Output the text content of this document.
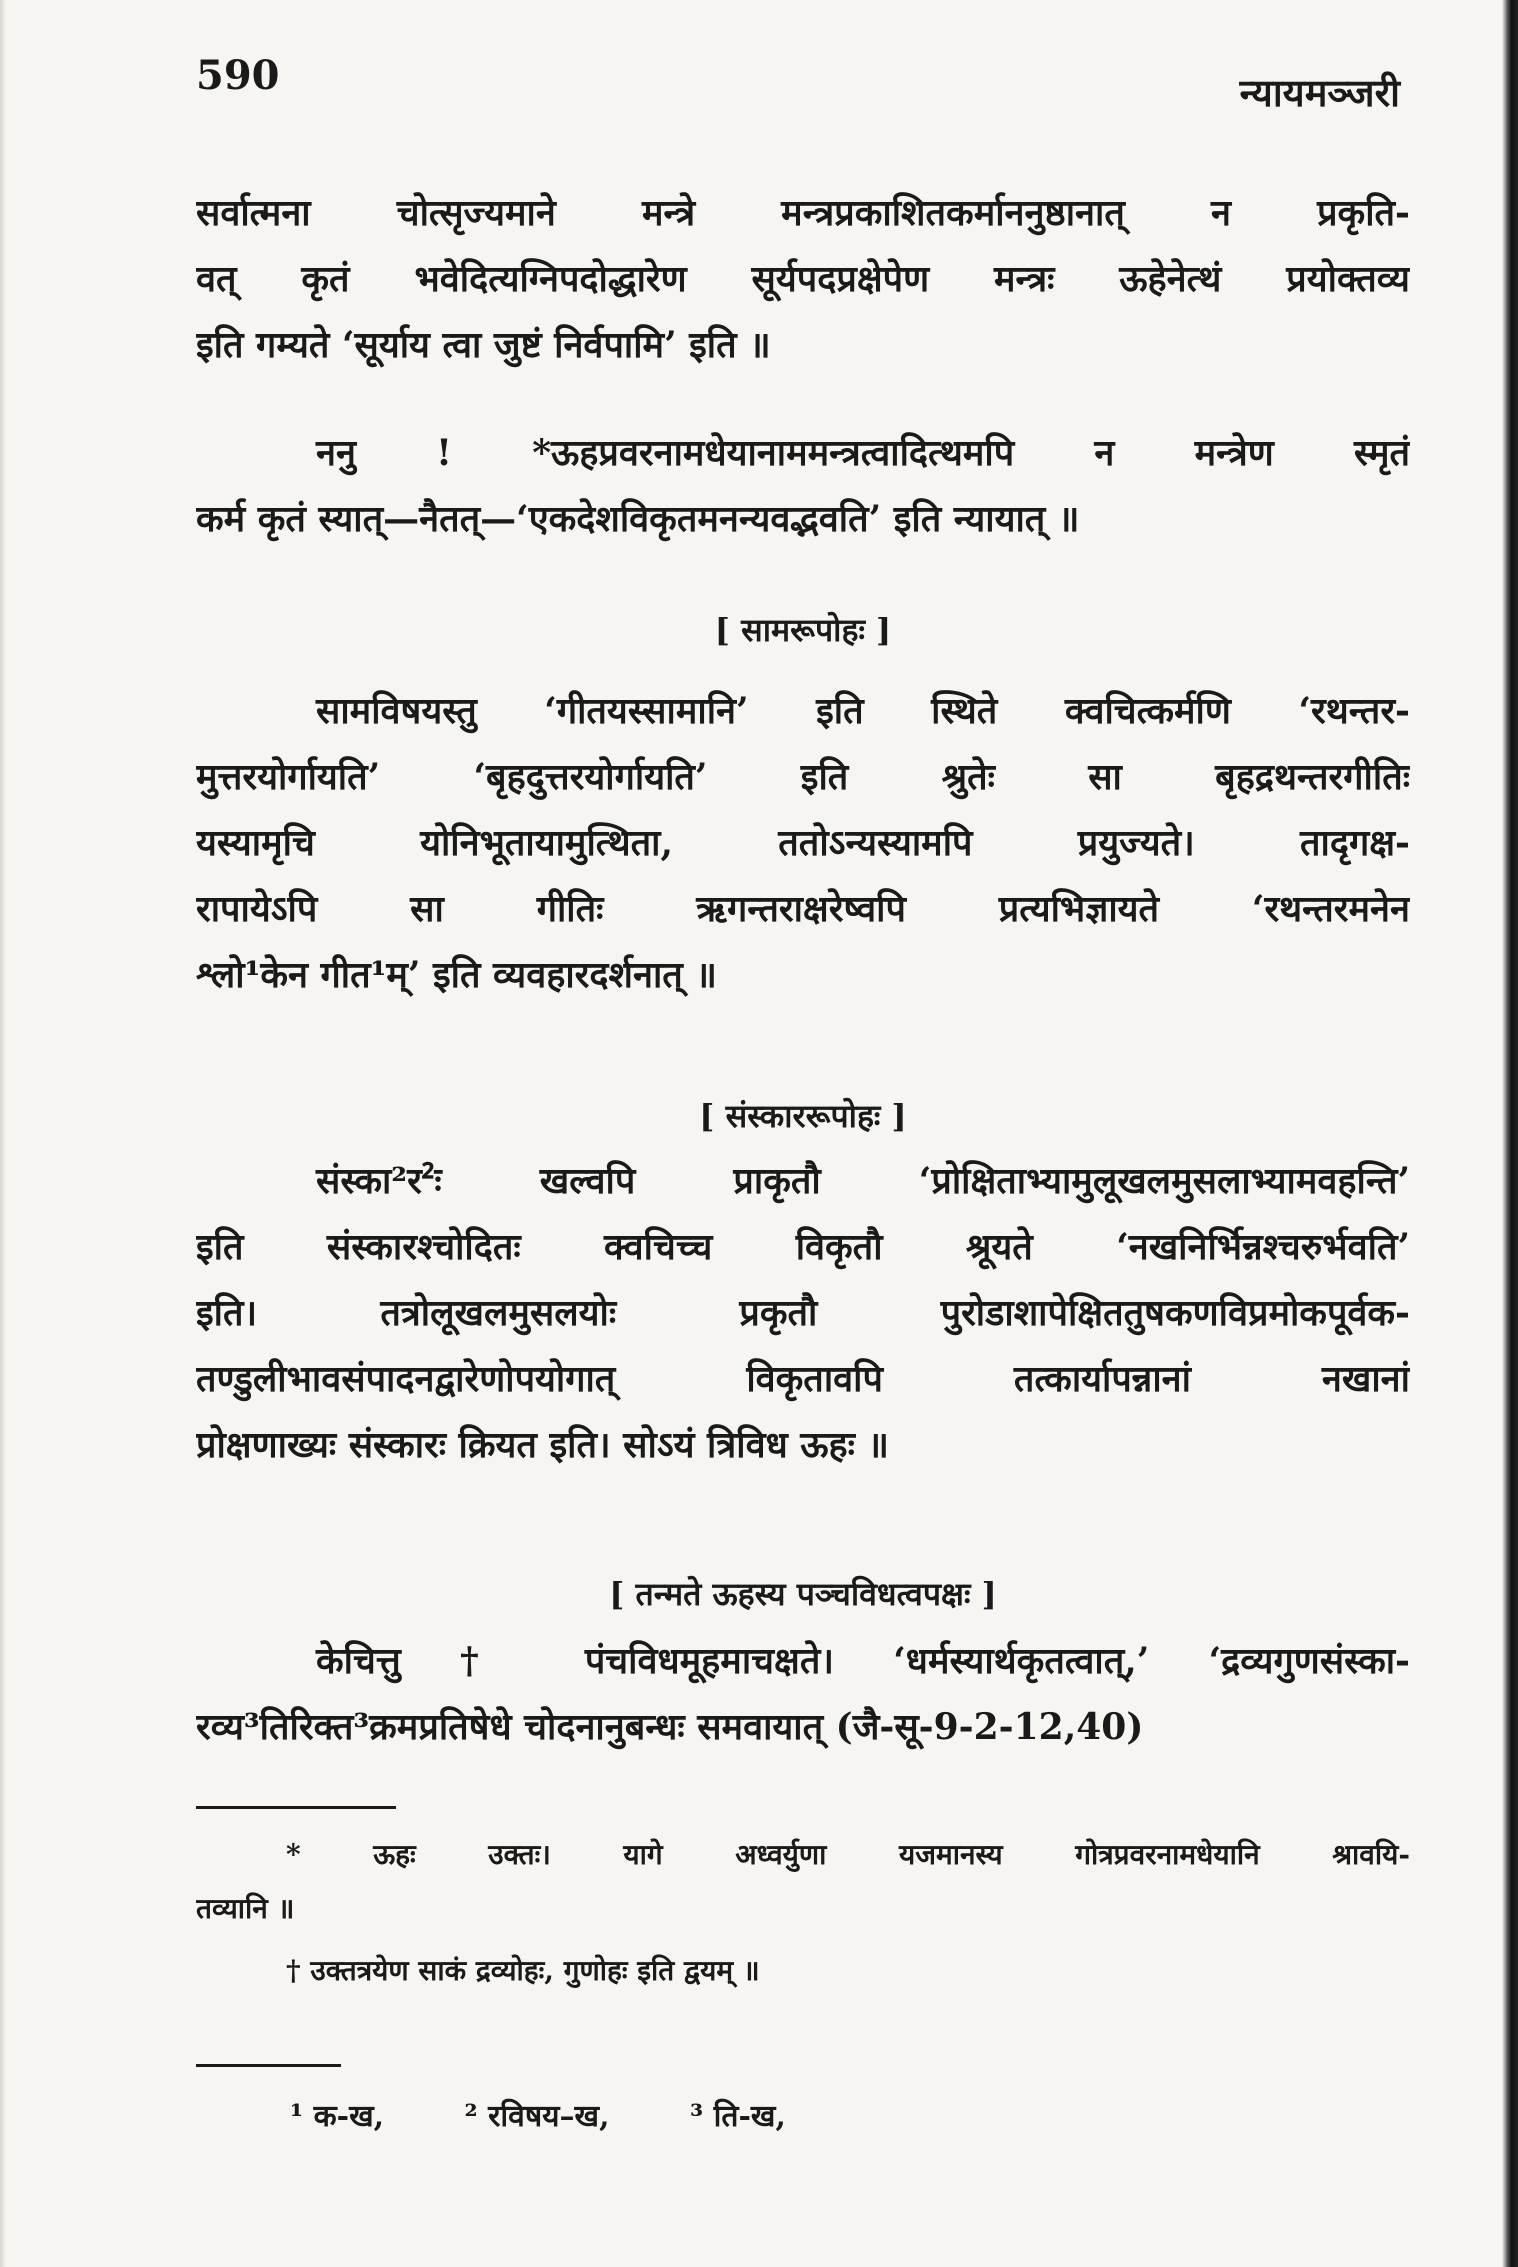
590	न्यायमञ्जरी
सर्वात्मना चोत्सृज्यमाने मन्त्रे मन्त्रप्रकाशितकर्माननुष्ठानात् न प्रकृति-
वत् कृतं भवेदित्यग्निपदोद्धारेण सूर्यपदप्रक्षेपेण मन्त्रः ऊहेनेत्थं प्रयोक्तव्य
इति गम्यते ‘सूर्याय त्वा जुष्टं निर्वपामि’ इति ॥
ननु ! *ऊहप्रवरनामधेयानाममन्त्रत्वादित्थमपि न मन्त्रेण स्मृतं
कर्म कृतं स्यात्—नैतत्—‘एकदेशविकृतमनन्यवद्भवति’ इति न्यायात् ॥
[ सामरूपोहः ]
सामविषयस्तु ‘गीतयस्सामानि’ इति स्थिते क्वचित्कर्मणि ‘रथन्तर-
मुत्तरयोर्गायति’ ‘बृहदुत्तरयोर्गायति’ इति श्रुतेः सा बृहद्रथन्तरगीतिः
यस्यामृचि योनिभूतायामुत्थिता, ततोऽन्यस्यामपि प्रयुज्यते। तादृगक्ष-
रापायेऽपि सा गीतिः ऋगन्तराक्षरेष्वपि प्रत्यभिज्ञायते ‘रथन्तरमनेन
श्लो¹केन गीत¹म्’ इति व्यवहारदर्शनात् ॥
[ संस्काररूपोहः ]
संस्का²र²ः खल्वपि प्राकृतौ ‘प्रोक्षिताभ्यामुलूखलमुसलाभ्यामवहन्ति’
इति संस्कारश्चोदितः क्वचिच्च विकृतौ श्रूयते ‘नखनिर्भिन्नश्चरुर्भवति’
इति। तत्रोलूखलमुसलयोः प्रकृतौ पुरोडाशापेक्षिततुषकणविप्रमोकपूर्वक-
तण्डुलीभावसंपादनद्वारेणोपयोगात् विकृतावपि तत्कार्यापन्नानां नखानां
प्रोक्षणाख्यः संस्कारः क्रियत इति। सोऽयं त्रिविध ऊहः ॥
[ तन्मते ऊहस्य पञ्चविधत्वपक्षः ]
केचित्तु † पंचविधमूहमाचक्षते। ‘धर्मस्यार्थकृतत्वात्,’ ‘द्रव्यगुणसंस्का-
रव्य³तिरिक्त³क्रमप्रतिषेधे चोदनानुबन्धः समवायात् (जै-सू-9-2-12,40)
* ऊहः उक्तः। यागे अध्वर्युणा यजमानस्य गोत्रप्रवरनामधेयानि श्रावयि-
तव्यानि ॥
† उक्तत्रयेण साकं द्रव्योहः, गुणोहः इति द्वयम् ॥
¹ क-ख,	² रविषय–ख,	³ ति-ख,
